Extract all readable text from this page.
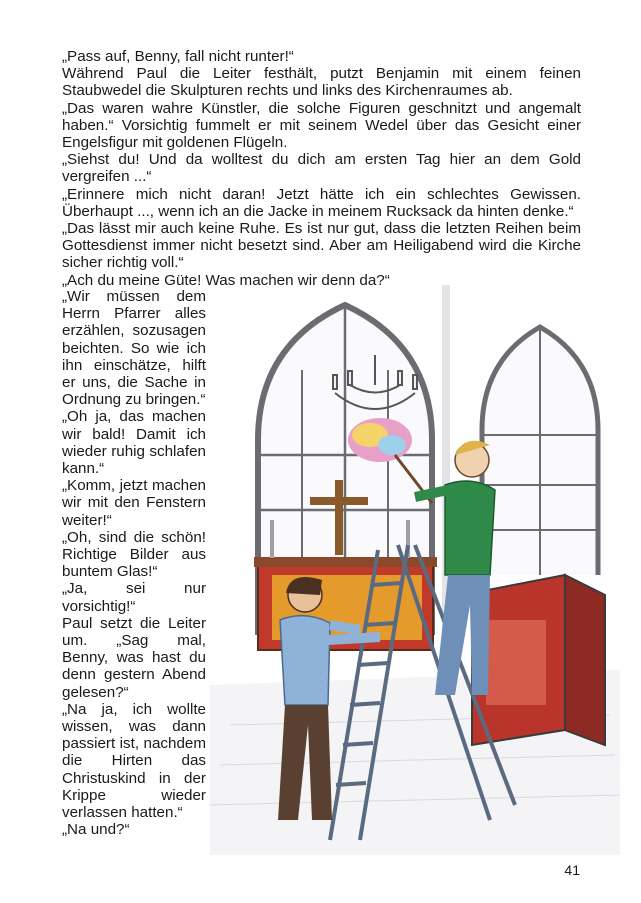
„Pass auf, Benny, fall nicht runter!“

Während Paul die Leiter festhält, putzt Benjamin mit einem feinen Staubwedel die Skulpturen rechts und links des Kirchenraumes ab.

„Das waren wahre Künstler, die solche Figuren geschnitzt und angemalt haben.“ Vorsichtig fummelt er mit seinem Wedel über das Gesicht einer Engelsfigur mit goldenen Flügeln.

„Siehst du! Und da wolltest du dich am ersten Tag hier an dem Gold vergreifen ...“

„Erinnere mich nicht daran! Jetzt hätte ich ein schlechtes Gewissen. Überhaupt ..., wenn ich an die Jacke in meinem Rucksack da hinten denke.“

„Das lässt mir auch keine Ruhe. Es ist nur gut, dass die letzten Reihen beim Gottesdienst immer nicht besetzt sind. Aber am Heiligabend wird die Kirche sicher richtig voll.“

„Ach du meine Güte! Was machen wir denn da?“

„Wir müssen dem Herrn Pfarrer alles erzählen, sozusagen beichten. So wie ich ihn einschätze, hilft er uns, die Sache in Ordnung zu bringen.“

„Oh ja, das machen wir bald! Damit ich wieder ruhig schlafen kann.“

„Komm, jetzt machen wir mit den Fenstern weiter!“

„Oh, sind die schön! Richtige Bilder aus buntem Glas!“

„Ja, sei nur vorsichtig!“

Paul setzt die Leiter um. „Sag mal, Benny, was hast du denn gestern Abend gelesen?“

„Na ja, ich wollte wissen, was dann passiert ist, nachdem die Hirten das Christuskind in der Krippe wieder verlassen hatten.“

„Na und?“

41
